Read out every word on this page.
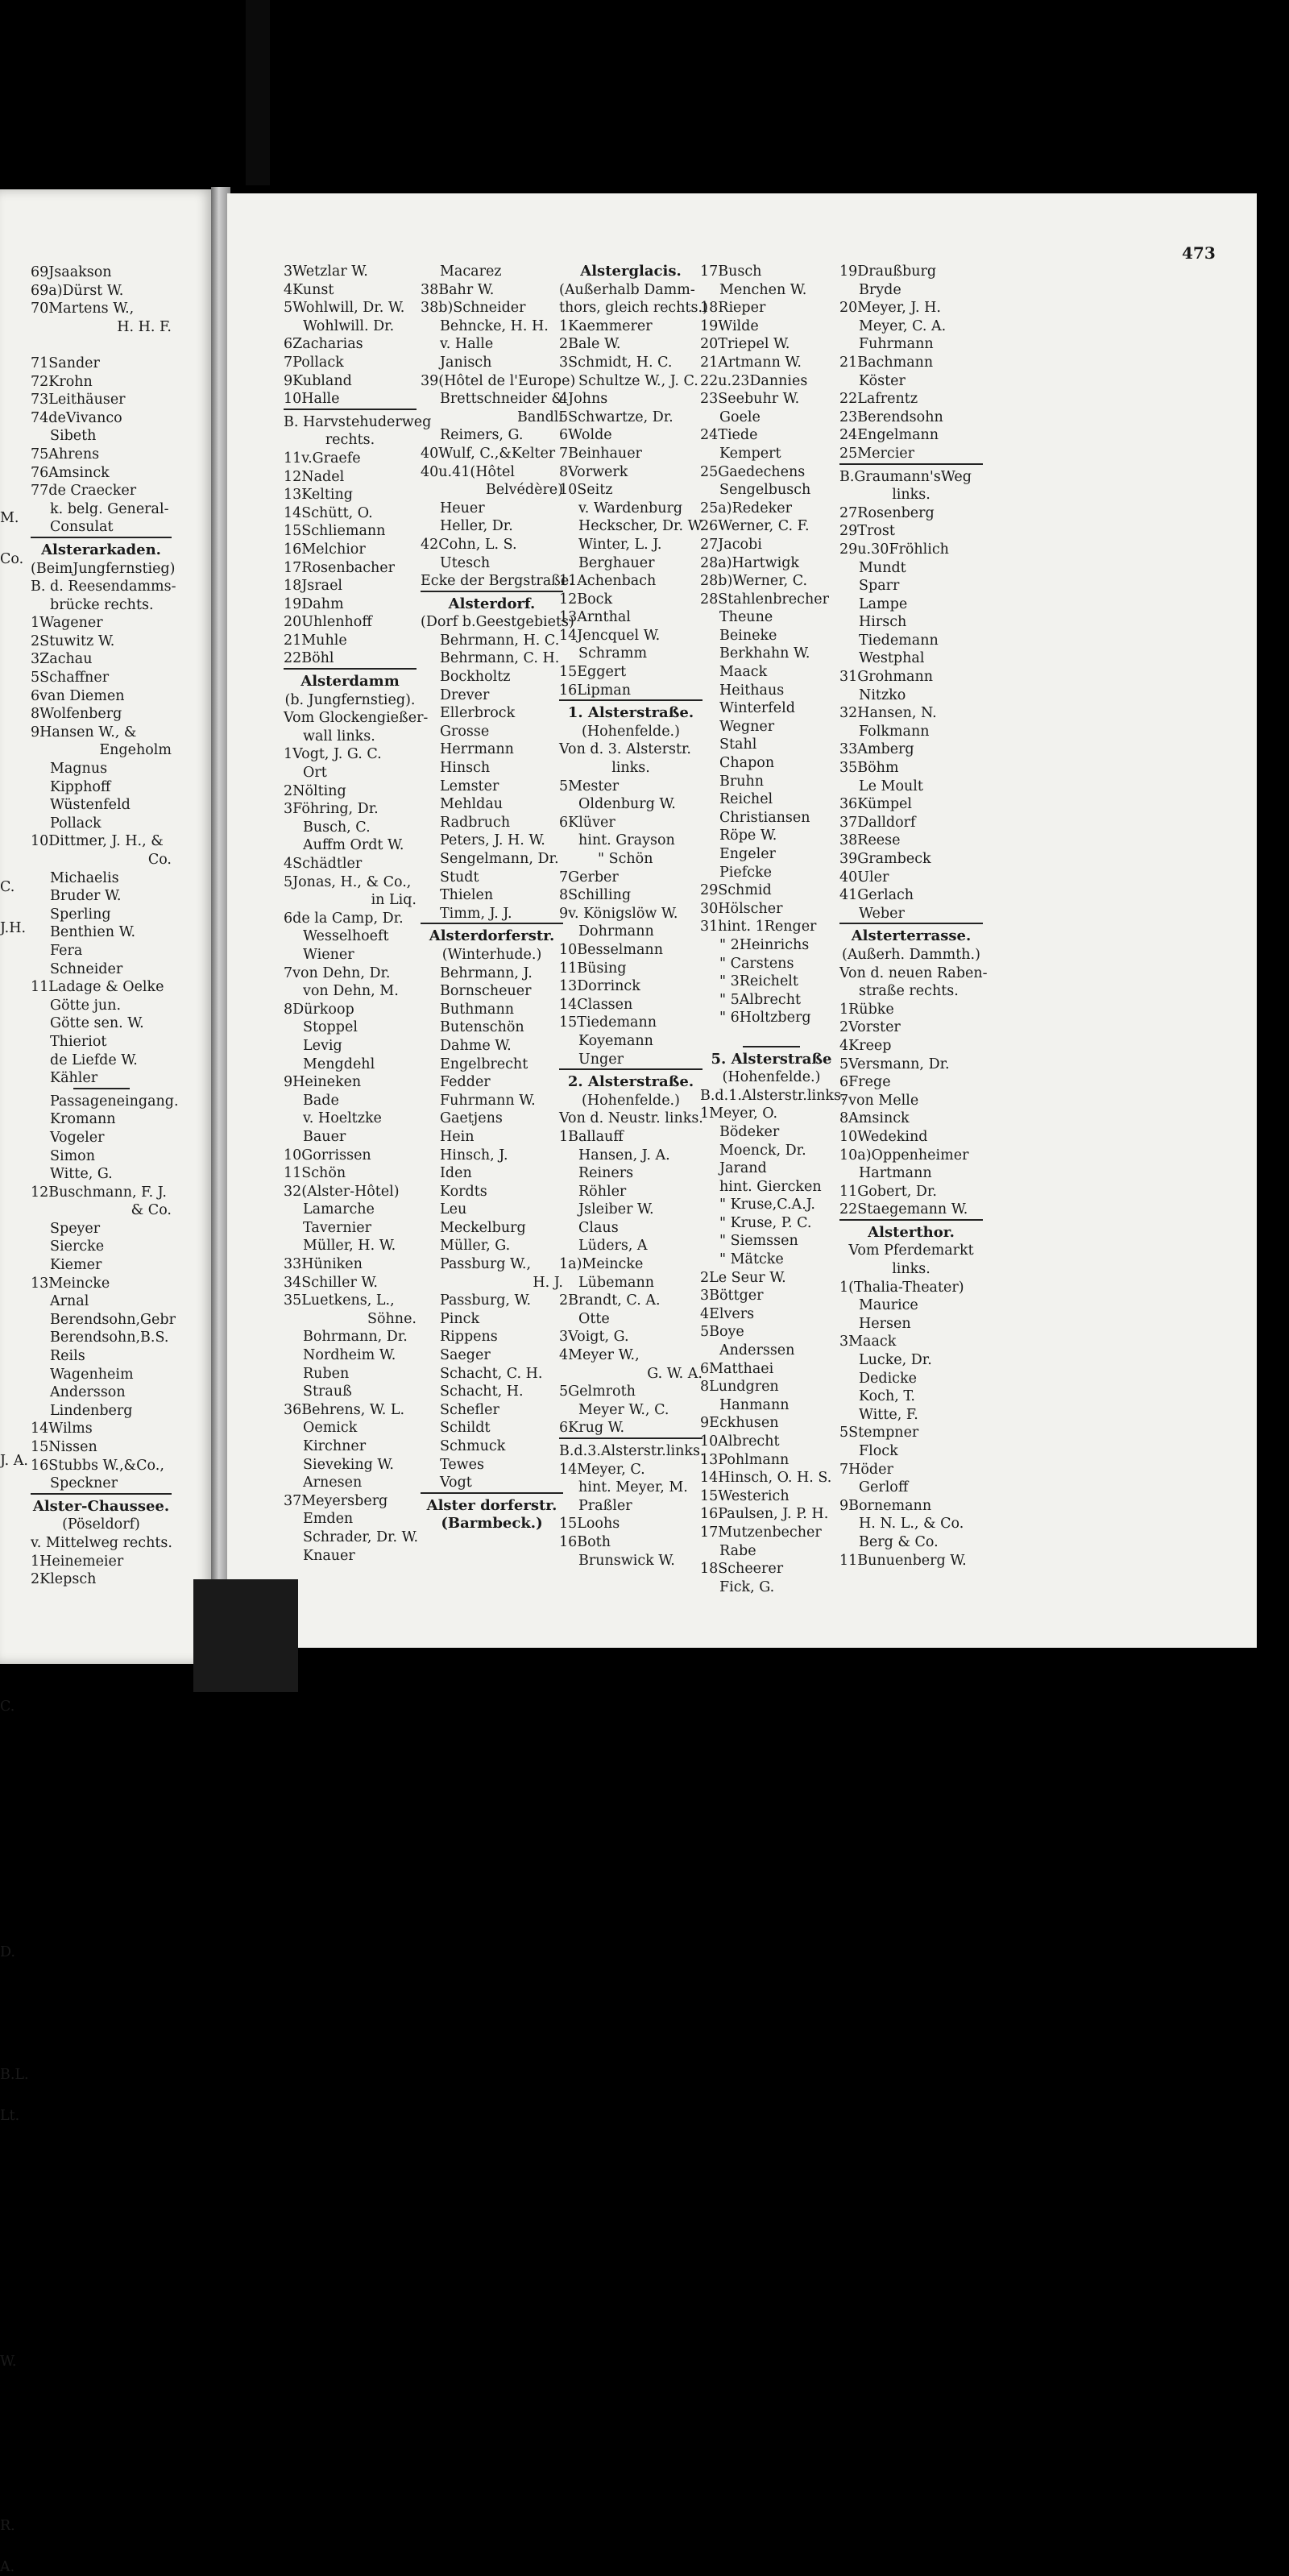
69Jsaakson
69a)Dürst W.
70Martens W.,
H. H. F.
71Sander
72Krohn
73Leithäuser
74deVivanco
Sibeth
75Ahrens
76Amsinck
77de Craecker
k. belg. General-
Consulat
Alsterarkaden.
(BeimJungfernstieg)
B. d. Reesendamms-
brücke rechts.
1Wagener
2Stuwitz W.
3Zachau
5Schaffner
6van Diemen
8Wolfenberg
9Hansen W., &
Engeholm
Magnus
Kipphoff
Wüstenfeld
Pollack
10Dittmer, J. H., &
Co.
Michaelis
Bruder W.
Sperling
Benthien W.
Fera
Schneider
11Ladage & Oelke
Götte jun.
Götte sen. W.
Thieriot
de Liefde W.
Kähler
Passageneingang.
Kromann
Vogeler
Simon
Witte, G.
12Buschmann, F. J.
& Co.
Speyer
Siercke
Kiemer
13Meincke
Arnal
Berendsohn,Gebr
Berendsohn,B.S.
Reils
Wagenheim
Andersson
Lindenberg
14Wilms
15Nissen
16Stubbs W.,&Co.,
Speckner
Alster-Chaussee.
(Pöseldorf)
v. Mittelweg rechts.
1Heinemeier
2Klepsch
M.
Co.
C.
J.H.
J. A.
C.
D.
B.L.
Lt.
W.
R.
A.
473
3Wetzlar W.
4Kunst
5Wohlwill, Dr. W.
Wohlwill. Dr.
6Zacharias
7Pollack
9Kubland
10Halle
B. Harvstehuderweg
rechts.
11v.Graefe
12Nadel
13Kelting
14Schütt, O.
15Schliemann
16Melchior
17Rosenbacher
18Jsrael
19Dahm
20Uhlenhoff
21Muhle
22Böhl
Alsterdamm
(b. Jungfernstieg).
Vom Glockengießer-
wall links.
1Vogt, J. G. C.
Ort
2Nölting
3Föhring, Dr.
Busch, C.
Auffm Ordt W.
4Schädtler
5Jonas, H., & Co.,
in Liq.
6de la Camp, Dr.
Wesselhoeft
Wiener
7von Dehn, Dr.
von Dehn, M.
8Dürkoop
Stoppel
Levig
Mengdehl
9Heineken
Bade
v. Hoeltzke
Bauer
10Gorrissen
11Schön
32(Alster-Hôtel)
Lamarche
Tavernier
Müller, H. W.
33Hüniken
34Schiller W.
35Luetkens, L.,
Söhne.
Bohrmann, Dr.
Nordheim W.
Ruben
Strauß
36Behrens, W. L.
Oemick
Kirchner
Sieveking W.
Arnesen
37Meyersberg
Emden
Schrader, Dr. W.
Knauer
Macarez
38Bahr W.
38b)Schneider
Behncke, H. H.
v. Halle
Janisch
39(Hôtel de l'Europe)
Brettschneider &
Bandli
Reimers, G.
40Wulf, C.,&Kelter
40u.41(Hôtel
Belvédère)
Heuer
Heller, Dr.
42Cohn, L. S.
Utesch
Ecke der Bergstraße.
Alsterdorf.
(Dorf b.Geestgebiets)
Behrmann, H. C.
Behrmann, C. H.
Bockholtz
Drever
Ellerbrock
Grosse
Herrmann
Hinsch
Lemster
Mehldau
Radbruch
Peters, J. H. W.
Sengelmann, Dr.
Studt
Thielen
Timm, J. J.
Alsterdorferstr.
(Winterhude.)
Behrmann, J.
Bornscheuer
Buthmann
Butenschön
Dahme W.
Engelbrecht
Fedder
Fuhrmann W.
Gaetjens
Hein
Hinsch, J.
Iden
Kordts
Leu
Meckelburg
Müller, G.
Passburg W.,
H. J.
Passburg, W.
Pinck
Rippens
Saeger
Schacht, C. H.
Schacht, H.
Schefler
Schildt
Schmuck
Tewes
Vogt
Alster dorferstr.
(Barmbeck.)
Alsterglacis.
(Außerhalb Damm-
thors, gleich rechts.)
1Kaemmerer
2Bale W.
3Schmidt, H. C.
Schultze W., J. C.
4Johns
5Schwartze, Dr.
6Wolde
7Beinhauer
8Vorwerk
10Seitz
v. Wardenburg
Heckscher, Dr. W.
Winter, L. J.
Berghauer
11Achenbach
12Bock
13Arnthal
14Jencquel W.
Schramm
15Eggert
16Lipman
1. Alsterstraße.
(Hohenfelde.)
Von d. 3. Alsterstr.
links.
5Mester
Oldenburg W.
6Klüver
hint. Grayson
" Schön
7Gerber
8Schilling
9v. Königslöw W.
Dohrmann
10Besselmann
11Büsing
13Dorrinck
14Classen
15Tiedemann
Koyemann
Unger
2. Alsterstraße.
(Hohenfelde.)
Von d. Neustr. links.
1Ballauff
Hansen, J. A.
Reiners
Röhler
Jsleiber W.
Claus
Lüders, A
1a)Meincke
Lübemann
2Brandt, C. A.
Otte
3Voigt, G.
4Meyer W.,
G. W. A.
5Gelmroth
Meyer W., C.
6Krug W.
B.d.3.Alsterstr.links.
14Meyer, C.
hint. Meyer, M.
Praßler
15Loohs
16Both
Brunswick W.
17Busch
Menchen W.
18Rieper
19Wilde
20Triepel W.
21Artmann W.
22u.23Dannies
23Seebuhr W.
Goele
24Tiede
Kempert
25Gaedechens
Sengelbusch
25a)Redeker
26Werner, C. F.
27Jacobi
28a)Hartwigk
28b)Werner, C.
28Stahlenbrecher
Theune
Beineke
Berkhahn W.
Maack
Heithaus
Winterfeld
Wegner
Stahl
Chapon
Bruhn
Reichel
Christiansen
Röpe W.
Engeler
Piefcke
29Schmid
30Hölscher
31hint. 1Renger
" 2Heinrichs
" Carstens
" 3Reichelt
" 5Albrecht
" 6Holtzberg
5. Alsterstraße
(Hohenfelde.)
B.d.1.Alsterstr.links.
1Meyer, O.
Bödeker
Moenck, Dr.
Jarand
hint. Giercken
" Kruse,C.A.J.
" Kruse, P. C.
" Siemssen
" Mätcke
2Le Seur W.
3Böttger
4Elvers
5Boye
Anderssen
6Matthaei
8Lundgren
Hanmann
9Eckhusen
10Albrecht
13Pohlmann
14Hinsch, O. H. S.
15Westerich
16Paulsen, J. P. H.
17Mutzenbecher
Rabe
18Scheerer
Fick, G.
19Draußburg
Bryde
20Meyer, J. H.
Meyer, C. A.
Fuhrmann
21Bachmann
Köster
22Lafrentz
23Berendsohn
24Engelmann
25Mercier
B.Graumann'sWeg
links.
27Rosenberg
29Trost
29u.30Fröhlich
Mundt
Sparr
Lampe
Hirsch
Tiedemann
Westphal
31Grohmann
Nitzko
32Hansen, N.
Folkmann
33Amberg
35Böhm
Le Moult
36Kümpel
37Dalldorf
38Reese
39Grambeck
40Uler
41Gerlach
Weber
Alsterterrasse.
(Außerh. Dammth.)
Von d. neuen Raben-
straße rechts.
1Rübke
2Vorster
4Kreep
5Versmann, Dr.
6Frege
7von Melle
8Amsinck
10Wedekind
10a)Oppenheimer
Hartmann
11Gobert, Dr.
22Staegemann W.
Alsterthor.
Vom Pferdemarkt
links.
1(Thalia-Theater)
Maurice
Hersen
3Maack
Lucke, Dr.
Dedicke
Koch, T.
Witte, F.
5Stempner
Flock
7Höder
Gerloff
9Bornemann
H. N. L., & Co.
Berg & Co.
11Bunuenberg W.
